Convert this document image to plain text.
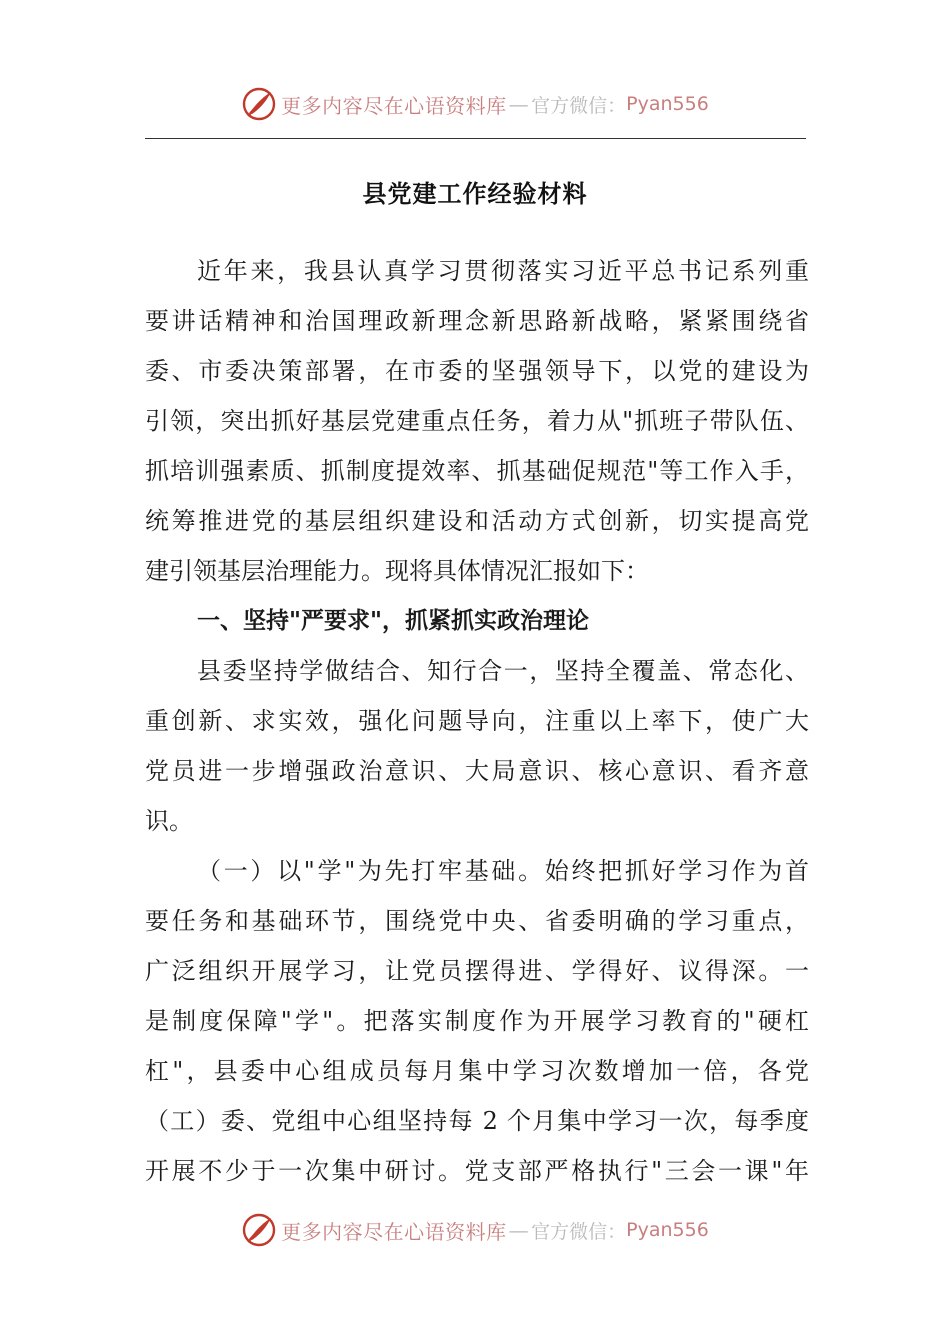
更多内容尽在心语资料库 — 官方微信： Pyan556
县党建工作经验材料
近年来，我县认真学习贯彻落实习近平总书记系列重
要讲话精神和治国理政新理念新思路新战略，紧紧围绕省
委、市委决策部署，在市委的坚强领导下，以党的建设为
引领，突出抓好基层党建重点任务，着力从"抓班子带队伍、
抓培训强素质、抓制度提效率、抓基础促规范"等工作入手，
统筹推进党的基层组织建设和活动方式创新，切实提高党
建引领基层治理能力。现将具体情况汇报如下：
一、坚持"严要求"，抓紧抓实政治理论
县委坚持学做结合、知行合一，坚持全覆盖、常态化、
重创新、求实效，强化问题导向，注重以上率下，使广大
党员进一步增强政治意识、大局意识、核心意识、看齐意
识。
（一）以"学"为先打牢基础。始终把抓好学习作为首
要任务和基础环节，围绕党中央、省委明确的学习重点，
广泛组织开展学习，让党员摆得进、学得好、议得深。一
是制度保障"学"。把落实制度作为开展学习教育的"硬杠
杠"，县委中心组成员每月集中学习次数增加一倍，各党
（工）委、党组中心组坚持每 2 个月集中学习一次，每季度
开展不少于一次集中研讨。党支部严格执行"三会一课"年
更多内容尽在心语资料库 — 官方微信： Pyan556
